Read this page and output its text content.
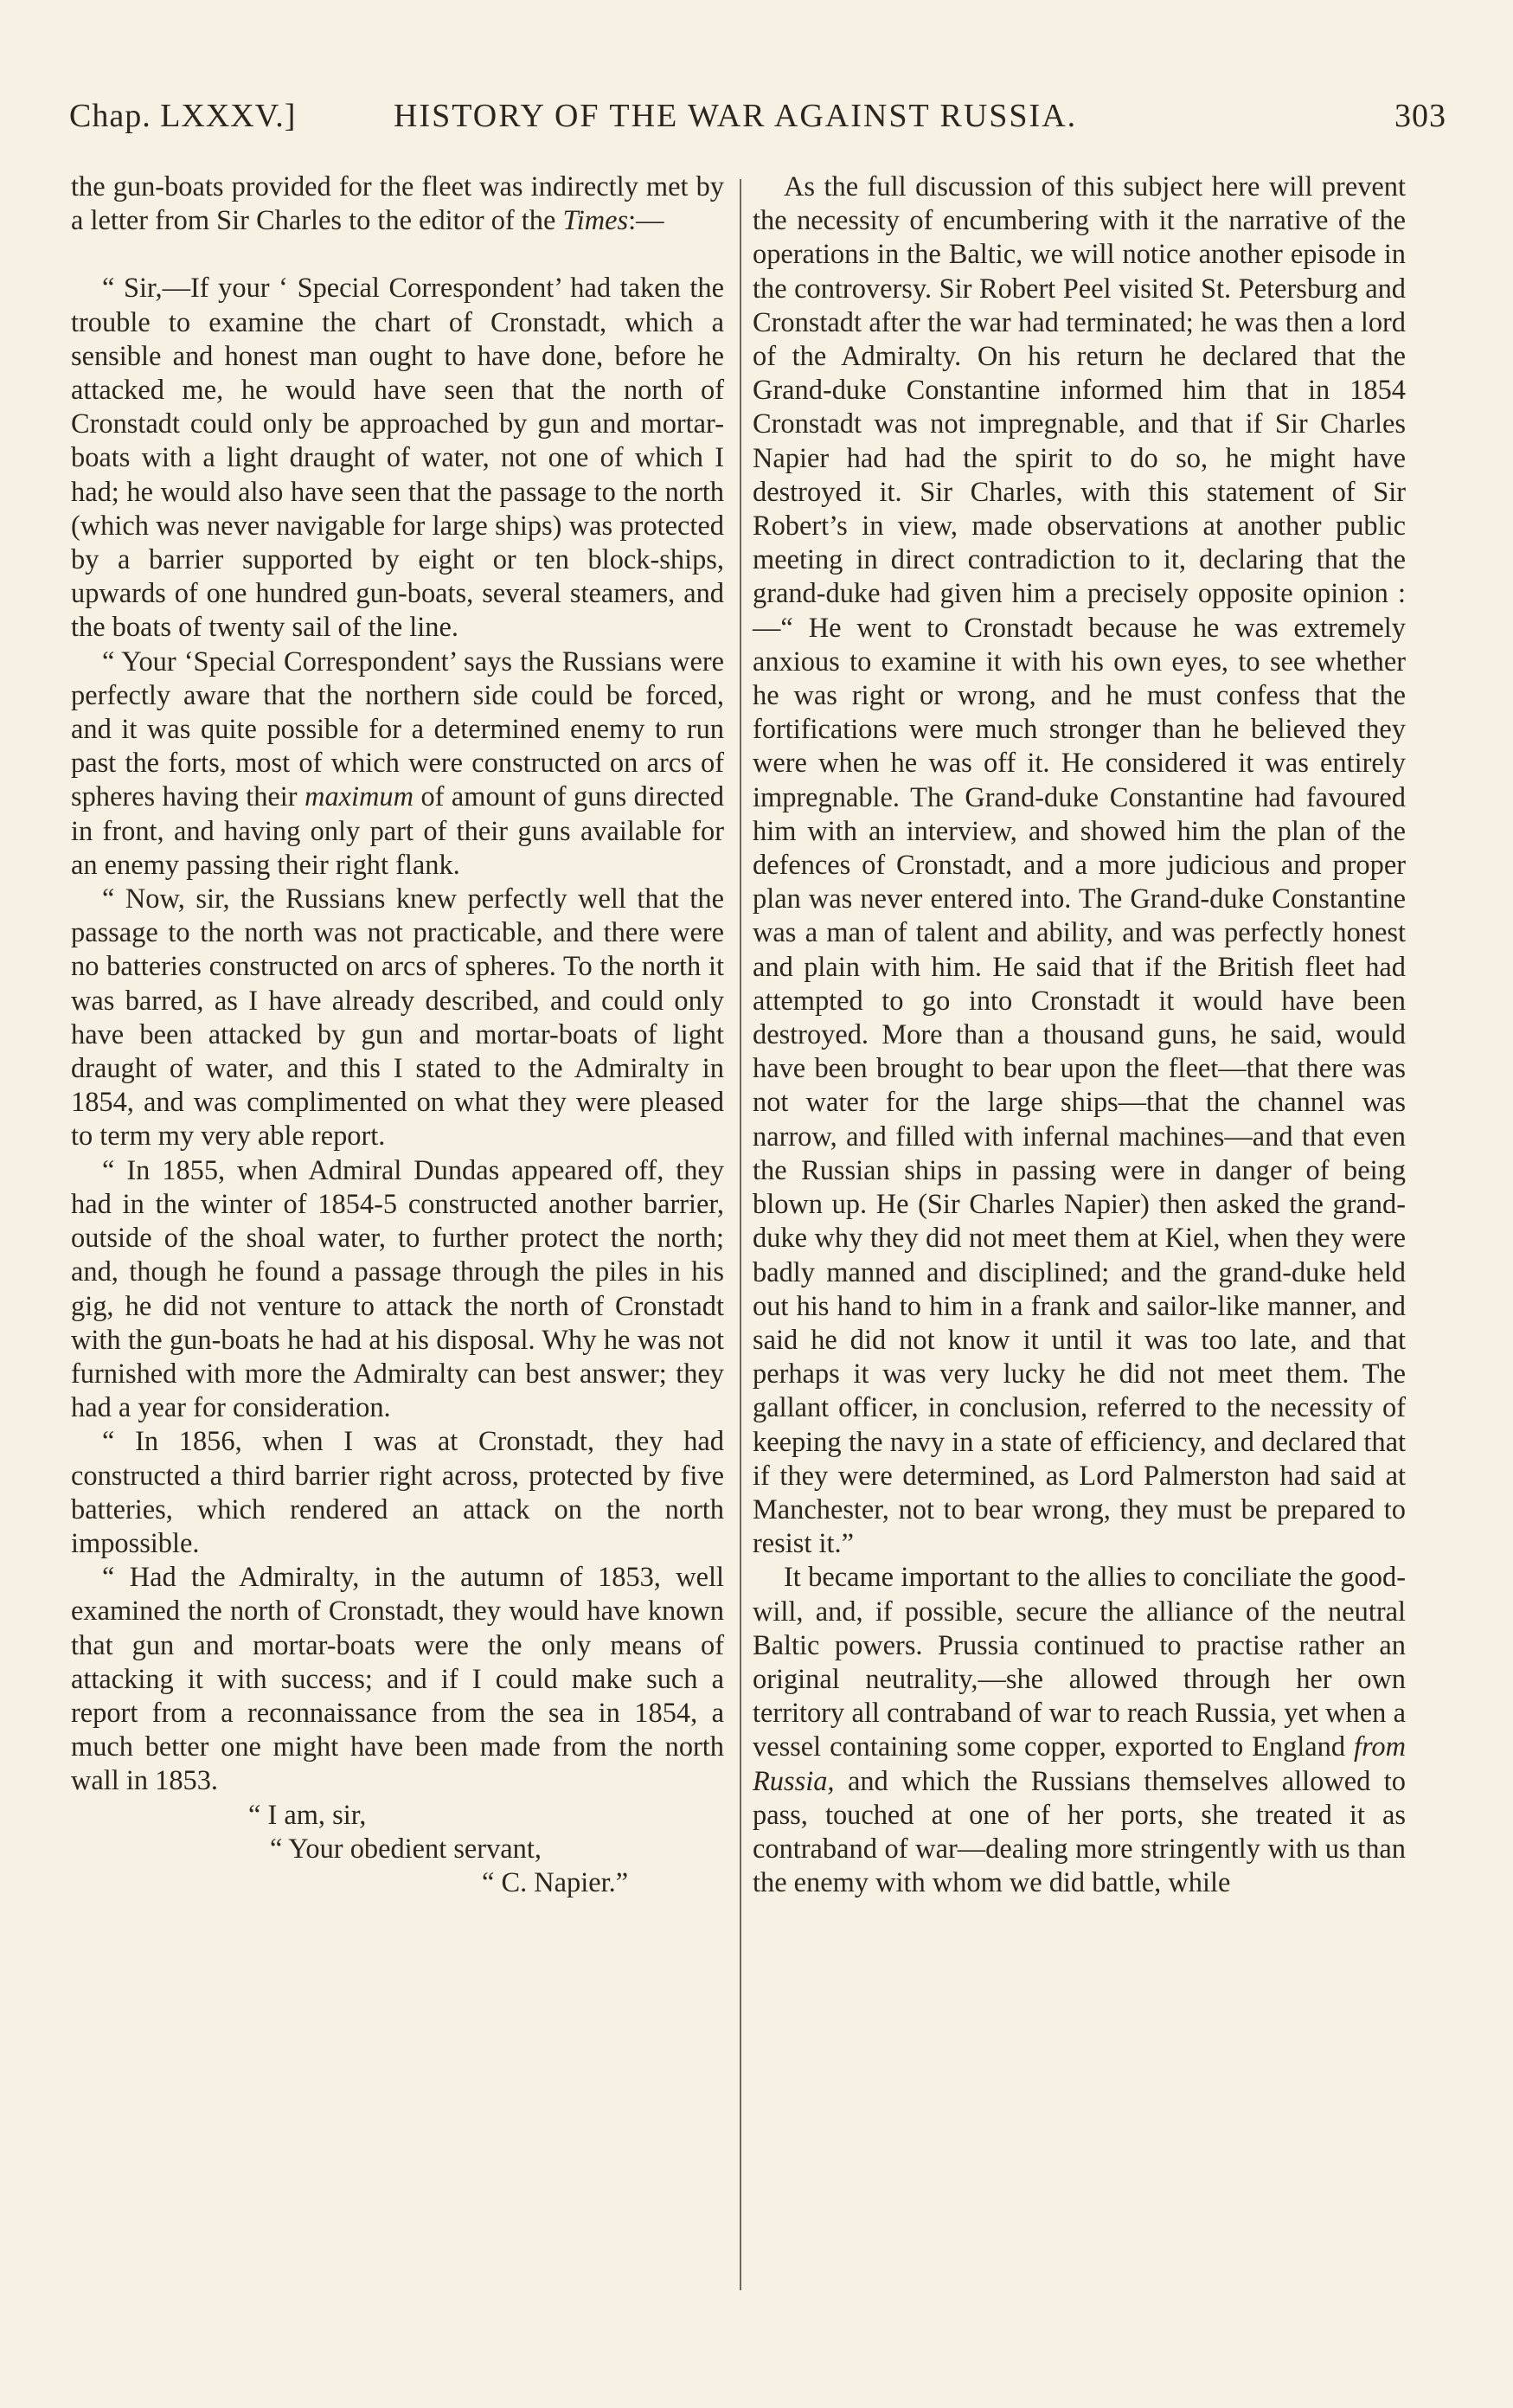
Chap. LXXXV.]	HISTORY OF THE WAR AGAINST RUSSIA.	303

the gun-boats provided for the fleet was indirectly met by a letter from Sir Charles to the editor of the Times:—

“ Sir,—If your ‘ Special Correspondent’ had taken the trouble to examine the chart of Cronstadt, which a sensible and honest man ought to have done, before he attacked me, he would have seen that the north of Cronstadt could only be approached by gun and mortar-boats with a light draught of water, not one of which I had; he would also have seen that the passage to the north (which was never navigable for large ships) was protected by a barrier supported by eight or ten block-ships, upwards of one hundred gun-boats, several steamers, and the boats of twenty sail of the line.

“ Your ‘Special Correspondent’ says the Russians were perfectly aware that the northern side could be forced, and it was quite possible for a determined enemy to run past the forts, most of which were constructed on arcs of spheres having their maximum of amount of guns directed in front, and having only part of their guns available for an enemy passing their right flank.

“ Now, sir, the Russians knew perfectly well that the passage to the north was not practicable, and there were no batteries constructed on arcs of spheres. To the north it was barred, as I have already described, and could only have been attacked by gun and mortar-boats of light draught of water, and this I stated to the Admiralty in 1854, and was complimented on what they were pleased to term my very able report.

“ In 1855, when Admiral Dundas appeared off, they had in the winter of 1854-5 constructed another barrier, outside of the shoal water, to further protect the north; and, though he found a passage through the piles in his gig, he did not venture to attack the north of Cronstadt with the gun-boats he had at his disposal. Why he was not furnished with more the Admiralty can best answer; they had a year for consideration.

“ In 1856, when I was at Cronstadt, they had constructed a third barrier right across, protected by five batteries, which rendered an attack on the north impossible.

“ Had the Admiralty, in the autumn of 1853, well examined the north of Cronstadt, they would have known that gun and mortar-boats were the only means of attacking it with success; and if I could make such a report from a reconnaissance from the sea in 1854, a much better one might have been made from the north wall in 1853.

“ I am, sir,
“ Your obedient servant,
“ C. Napier.”

As the full discussion of this subject here will prevent the necessity of encumbering with it the narrative of the operations in the Baltic, we will notice another episode in the controversy. Sir Robert Peel visited St. Petersburg and Cronstadt after the war had terminated; he was then a lord of the Admiralty. On his return he declared that the Grand-duke Constantine informed him that in 1854 Cronstadt was not impregnable, and that if Sir Charles Napier had had the spirit to do so, he might have destroyed it. Sir Charles, with this statement of Sir Robert’s in view, made observations at another public meeting in direct contradiction to it, declaring that the grand-duke had given him a precisely opposite opinion :—“ He went to Cronstadt because he was extremely anxious to examine it with his own eyes, to see whether he was right or wrong, and he must confess that the fortifications were much stronger than he believed they were when he was off it. He considered it was entirely impregnable. The Grand-duke Constantine had favoured him with an interview, and showed him the plan of the defences of Cronstadt, and a more judicious and proper plan was never entered into. The Grand-duke Constantine was a man of talent and ability, and was perfectly honest and plain with him. He said that if the British fleet had attempted to go into Cronstadt it would have been destroyed. More than a thousand guns, he said, would have been brought to bear upon the fleet—that there was not water for the large ships—that the channel was narrow, and filled with infernal machines—and that even the Russian ships in passing were in danger of being blown up. He (Sir Charles Napier) then asked the grand-duke why they did not meet them at Kiel, when they were badly manned and disciplined; and the grand-duke held out his hand to him in a frank and sailor-like manner, and said he did not know it until it was too late, and that perhaps it was very lucky he did not meet them. The gallant officer, in conclusion, referred to the necessity of keeping the navy in a state of efficiency, and declared that if they were determined, as Lord Palmerston had said at Manchester, not to bear wrong, they must be prepared to resist it.”

It became important to the allies to conciliate the good-will, and, if possible, secure the alliance of the neutral Baltic powers. Prussia continued to practise rather an original neutrality,—she allowed through her own territory all contraband of war to reach Russia, yet when a vessel containing some copper, exported to England from Russia, and which the Russians themselves allowed to pass, touched at one of her ports, she treated it as contraband of war—dealing more stringently with us than the enemy with whom we did battle, while
